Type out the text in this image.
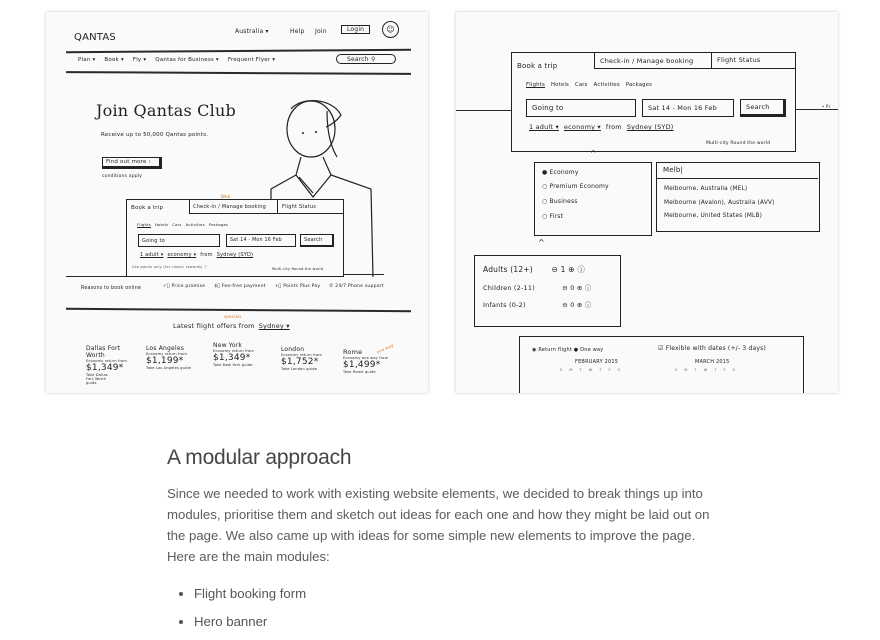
QANTAS
Australia ▾	Help Join	Login	☺
Plan ▾ Book ▾ Fly ▾ Qantas for Business ▾ Frequent Flyer ▾	Search ⚲
Join Qantas Club
Receive up to 50,000 Qantas points.
Find out more ›
conditions apply
Book a trip	Check-in / Manage booking
Web
Flight Status
Flights Hotels Cars Activities Packages
Going to	Sat 14 - Mon 16 Feb	Search
1 adult ▾ economy ▾ from Sydney (SYD)
Use points only (for classic rewards) ⓘ	Multi-city Round the world
Reasons to book online	✓⃝ Price promise $⃝ Fee-free payment +⃝ Points Plus Pay ✆ 24/7 Phone support
Latest flight offers from Sydney ▾
specials
Dallas Fort Worth
Economy return from
$1,349*
Take Dallas Fort Worth guide
Los Angeles
Economy return from
$1,199*
Take Los Angeles guide
New York
Economy return from
$1,349*
Take New York guide
London
Economy return from
$1,752*
Take London guide
Rome
Economy one way from
$1,499*
Take Rome guide
one way
• Pr
Book a trip
Check-in / Manage booking	Flight Status
Flights Hotels Cars Activities Packages
Going to	Sat 14 - Mon 16 Feb	Search
1 adult ▾ economy ▾ from Sydney (SYD)
Multi-city Round the world
^
● Economy
○ Premium Economy
○ Business
○ First
Melb|
Melbourne, Australia (MEL)
Melbourne (Avalon), Australia (AVV)
Melbourne, United States (MLB)
^
Adults (12+) ⊖ 1 ⊕ ⓘ
Children (2-11)	⊖ 0 ⊕ ⓘ
Infants (0-2)	⊖ 0 ⊕ ⓘ
◉ Return flight ● One way	☑ Flexible with dates (+/- 3 days)
FEBRUARY 2015	MARCH 2015
S M T W T F S	S M T W T F S
A modular approach

Since we needed to work with existing website elements, we decided to break things up into modules, prioritise them and sketch out ideas for each one and how they might be laid out on the page. We also came up with ideas for some simple new elements to improve the page. Here are the main modules:

• Flight booking form
• Hero banner
